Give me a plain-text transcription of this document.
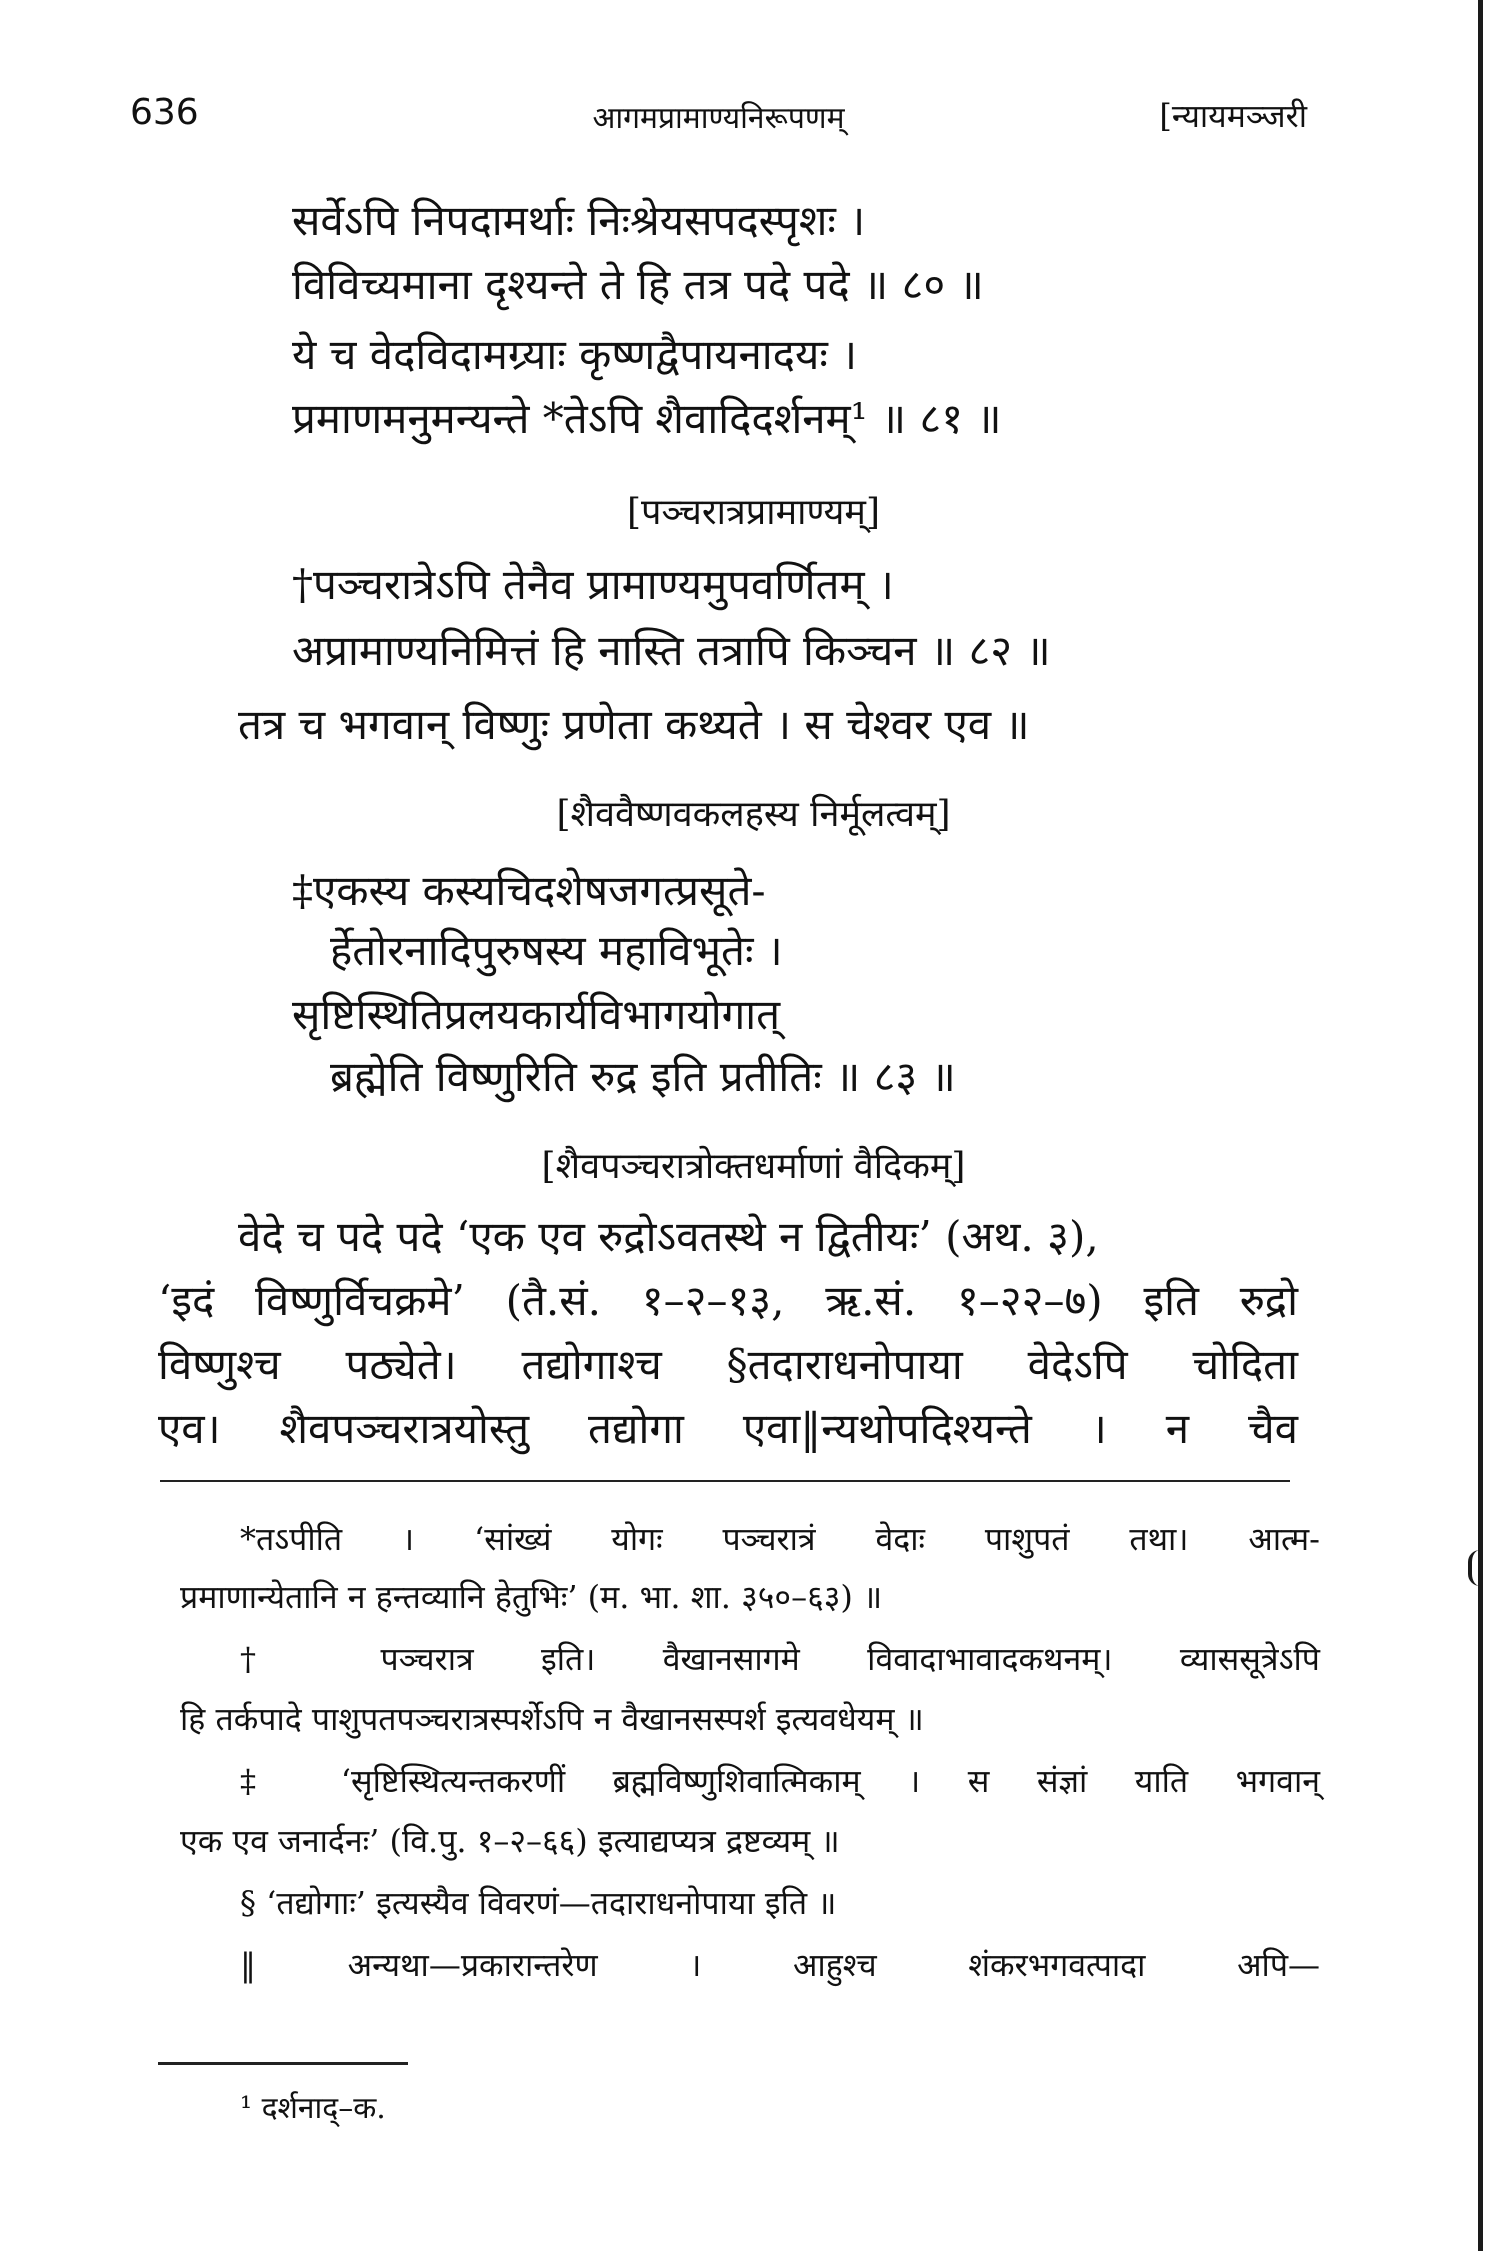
636	आगमप्रामाण्यनिरूपणम्	[न्यायमञ्जरी
सर्वेऽपि निपदामर्थाः निःश्रेयसपदस्पृशः ।
विविच्यमाना दृश्यन्ते ते हि तत्र पदे पदे ॥ ८० ॥
ये च वेदविदामग्र्याः कृष्णद्वैपायनादयः ।
प्रमाणमनुमन्यन्ते *तेऽपि शैवादिदर्शनम्¹ ॥ ८१ ॥
[पञ्चरात्रप्रामाण्यम्]
†पञ्चरात्रेऽपि तेनैव प्रामाण्यमुपवर्णितम् ।
अप्रामाण्यनिमित्तं हि नास्ति तत्रापि किञ्चन ॥ ८२ ॥
तत्र च भगवान् विष्णुः प्रणेता कथ्यते । स चेश्वर एव ॥
[शैववैष्णवकलहस्य निर्मूलत्वम्]
‡एकस्य कस्यचिदशेषजगत्प्रसूते-
र्हेतोरनादिपुरुषस्य महाविभूतेः ।
सृष्टिस्थितिप्रलयकार्यविभागयोगात्
ब्रह्मेति विष्णुरिति रुद्र इति प्रतीतिः ॥ ८३ ॥
[शैवपञ्चरात्रोक्तधर्माणां वैदिकम्]
वेदे च पदे पदे ‘एक एव रुद्रोऽवतस्थे न द्वितीयः’ (अथ. ३),
‘इदं विष्णुर्विचक्रमे’ (तै.सं. १–२–१३, ऋ.सं. १–२२–७) इति रुद्रो
विष्णुश्च पठ्येते। तद्योगाश्च §तदाराधनोपाया वेदेऽपि चोदिता
एव। शैवपञ्चरात्रयोस्तु तद्योगा एवा‖न्यथोपदिश्यन्ते । न चैव
*तऽपीति । ‘सांख्यं योगः पञ्चरात्रं वेदाः पाशुपतं तथा। आत्म-
प्रमाणान्येतानि न हन्तव्यानि हेतुभिः’ (म. भा. शा. ३५०–६३) ॥
† पञ्चरात्र इति। वैखानसागमे विवादाभावादकथनम्। व्याससूत्रेऽपि
हि तर्कपादे पाशुपतपञ्चरात्रस्पर्शेऽपि न वैखानसस्पर्श इत्यवधेयम् ॥
‡ ‘सृष्टिस्थित्यन्तकरणीं ब्रह्मविष्णुशिवात्मिकाम् । स संज्ञां याति भगवान्
एक एव जनार्दनः’ (वि.पु. १–२–६६) इत्याद्यप्यत्र द्रष्टव्यम् ॥
§ ‘तद्योगाः’ इत्यस्यैव विवरणं—तदाराधनोपाया इति ॥
‖ अन्यथा—प्रकारान्तरेण । आहुश्च शंकरभगवत्पादा अपि—
¹ दर्शनाद्–क.
